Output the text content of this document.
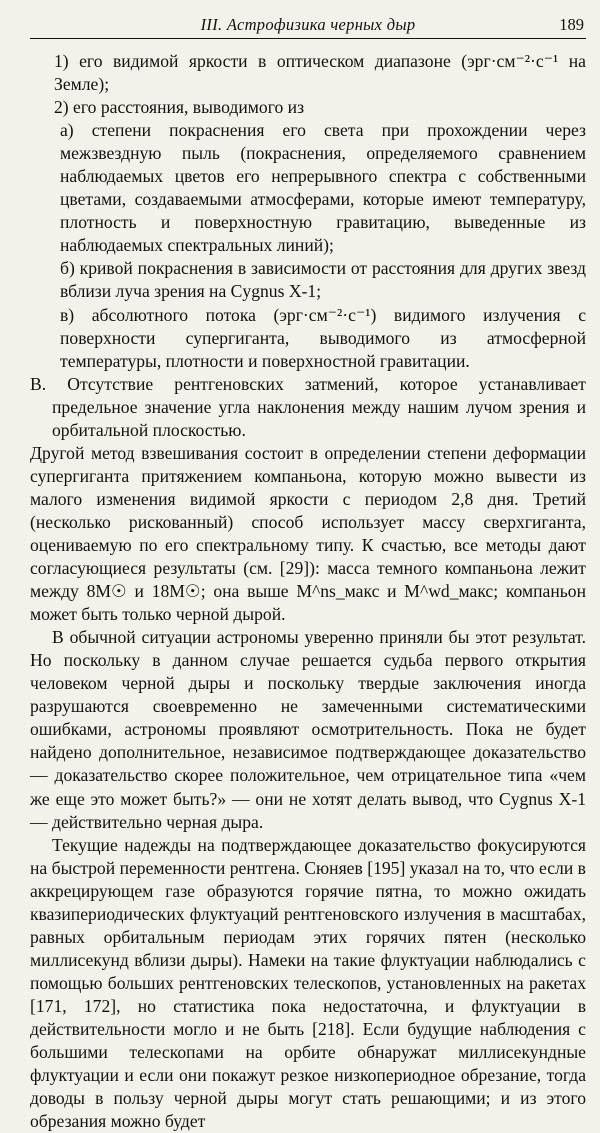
III. Астрофизика черных дыр	189

1) его видимой яркости в оптическом диапазоне (эрг·см⁻²·с⁻¹ на Земле);

2) его расстояния, выводимого из

а) степени покраснения его света при прохождении через межзвездную пыль (покраснения, определяемого сравнением наблюдаемых цветов его непрерывного спектра с собственными цветами, создаваемыми атмосферами, которые имеют температуру, плотность и поверхностную гравитацию, выведенные из наблюдаемых спектральных линий);

б) кривой покраснения в зависимости от расстояния для других звезд вблизи луча зрения на Cygnus X-1;

в) абсолютного потока (эрг·см⁻²·с⁻¹) видимого излучения с поверхности супергиганта, выводимого из атмосферной температуры, плотности и поверхностной гравитации.

В. Отсутствие рентгеновских затмений, которое устанавливает предельное значение угла наклонения между нашим лучом зрения и орбитальной плоскостью.

Другой метод взвешивания состоит в определении степени деформации супергиганта притяжением компаньона, которую можно вывести из малого изменения видимой яркости с периодом 2,8 дня. Третий (несколько рискованный) способ использует массу сверхгиганта, оцениваемую по его спектральному типу. К счастью, все методы дают согласующиеся результаты (см. [29]): масса темного компаньона лежит между 8M☉ и 18M☉; она выше M^ns_макс и M^wd_макс; компаньон может быть только черной дырой.

В обычной ситуации астрономы уверенно приняли бы этот результат. Но поскольку в данном случае решается судьба первого открытия человеком черной дыры и поскольку твердые заключения иногда разрушаются своевременно не замеченными систематическими ошибками, астрономы проявляют осмотрительность. Пока не будет найдено дополнительное, независимое подтверждающее доказательство — доказательство скорее положительное, чем отрицательное типа «чем же еще это может быть?» — они не хотят делать вывод, что Cygnus X-1 — действительно черная дыра.

Текущие надежды на подтверждающее доказательство фокусируются на быстрой переменности рентгена. Сюняев [195] указал на то, что если в аккрецирующем газе образуются горячие пятна, то можно ожидать квазипериодических флуктуаций рентгеновского излучения в масштабах, равных орбитальным периодам этих горячих пятен (несколько миллисекунд вблизи дыры). Намеки на такие флуктуации наблюдались с помощью больших рентгеновских телескопов, установленных на ракетах [171, 172], но статистика пока недостаточна, и флуктуации в действительности могло и не быть [218]. Если будущие наблюдения с большими телескопами на орбите обнаружат миллисекундные флуктуации и если они покажут резкое низкопериодное обрезание, тогда доводы в пользу черной дыры могут стать решающими; и из этого обрезания можно будет
